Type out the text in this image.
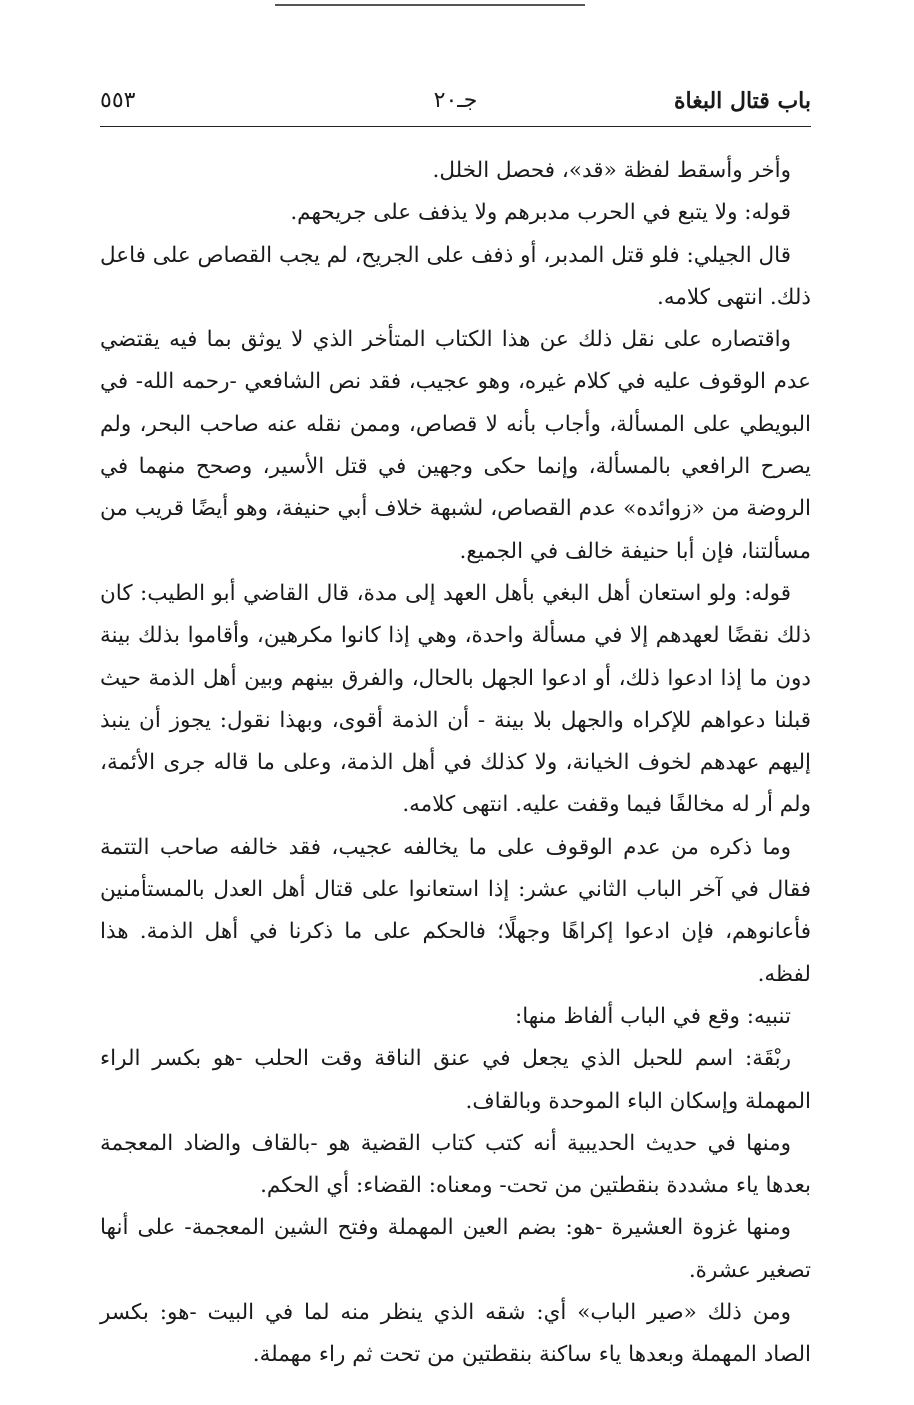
باب قتال البغاة
جـ٢٠
٥٥٣

وأخر وأسقط لفظة «قد»، فحصل الخلل.

قوله: ولا يتبع في الحرب مدبرهم ولا يذفف على جريحهم.

قال الجيلي: فلو قتل المدبر، أو ذفف على الجريح، لم يجب القصاص على فاعل ذلك. انتهى كلامه.

واقتصاره على نقل ذلك عن هذا الكتاب المتأخر الذي لا يوثق بما فيه يقتضي عدم الوقوف عليه في كلام غيره، وهو عجيب، فقد نص الشافعي -رحمه الله- في البويطي على المسألة، وأجاب بأنه لا قصاص، وممن نقله عنه صاحب البحر، ولم يصرح الرافعي بالمسألة، وإنما حكى وجهين في قتل الأسير، وصحح منهما في الروضة من «زوائده» عدم القصاص، لشبهة خلاف أبي حنيفة، وهو أيضًا قريب من مسألتنا، فإن أبا حنيفة خالف في الجميع.

قوله: ولو استعان أهل البغي بأهل العهد إلى مدة، قال القاضي أبو الطيب: كان ذلك نقضًا لعهدهم إلا في مسألة واحدة، وهي إذا كانوا مكرهين، وأقاموا بذلك بينة دون ما إذا ادعوا ذلك، أو ادعوا الجهل بالحال، والفرق بينهم وبين أهل الذمة حيث قبلنا دعواهم للإكراه والجهل بلا بينة - أن الذمة أقوى، وبهذا نقول: يجوز أن ينبذ إليهم عهدهم لخوف الخيانة، ولا كذلك في أهل الذمة، وعلى ما قاله جرى الأئمة، ولم أر له مخالفًا فيما وقفت عليه. انتهى كلامه.

وما ذكره من عدم الوقوف على ما يخالفه عجيب، فقد خالفه صاحب التتمة فقال في آخر الباب الثاني عشر: إذا استعانوا على قتال أهل العدل بالمستأمنين فأعانوهم، فإن ادعوا إكراهًا وجهلًا؛ فالحكم على ما ذكرنا في أهل الذمة. هذا لفظه.

تنبيه: وقع في الباب ألفاظ منها:

ربْقَة: اسم للحبل الذي يجعل في عنق الناقة وقت الحلب -هو بكسر الراء المهملة وإسكان الباء الموحدة وبالقاف.

ومنها في حديث الحديبية أنه كتب كتاب القضية هو -بالقاف والضاد المعجمة بعدها ياء مشددة بنقطتين من تحت- ومعناه: القضاء: أي الحكم.

ومنها غزوة العشيرة -هو: بضم العين المهملة وفتح الشين المعجمة- على أنها تصغير عشرة.

ومن ذلك «صير الباب» أي: شقه الذي ينظر منه لما في البيت -هو: بكسر الصاد المهملة وبعدها ياء ساكنة بنقطتين من تحت ثم راء مهملة.
